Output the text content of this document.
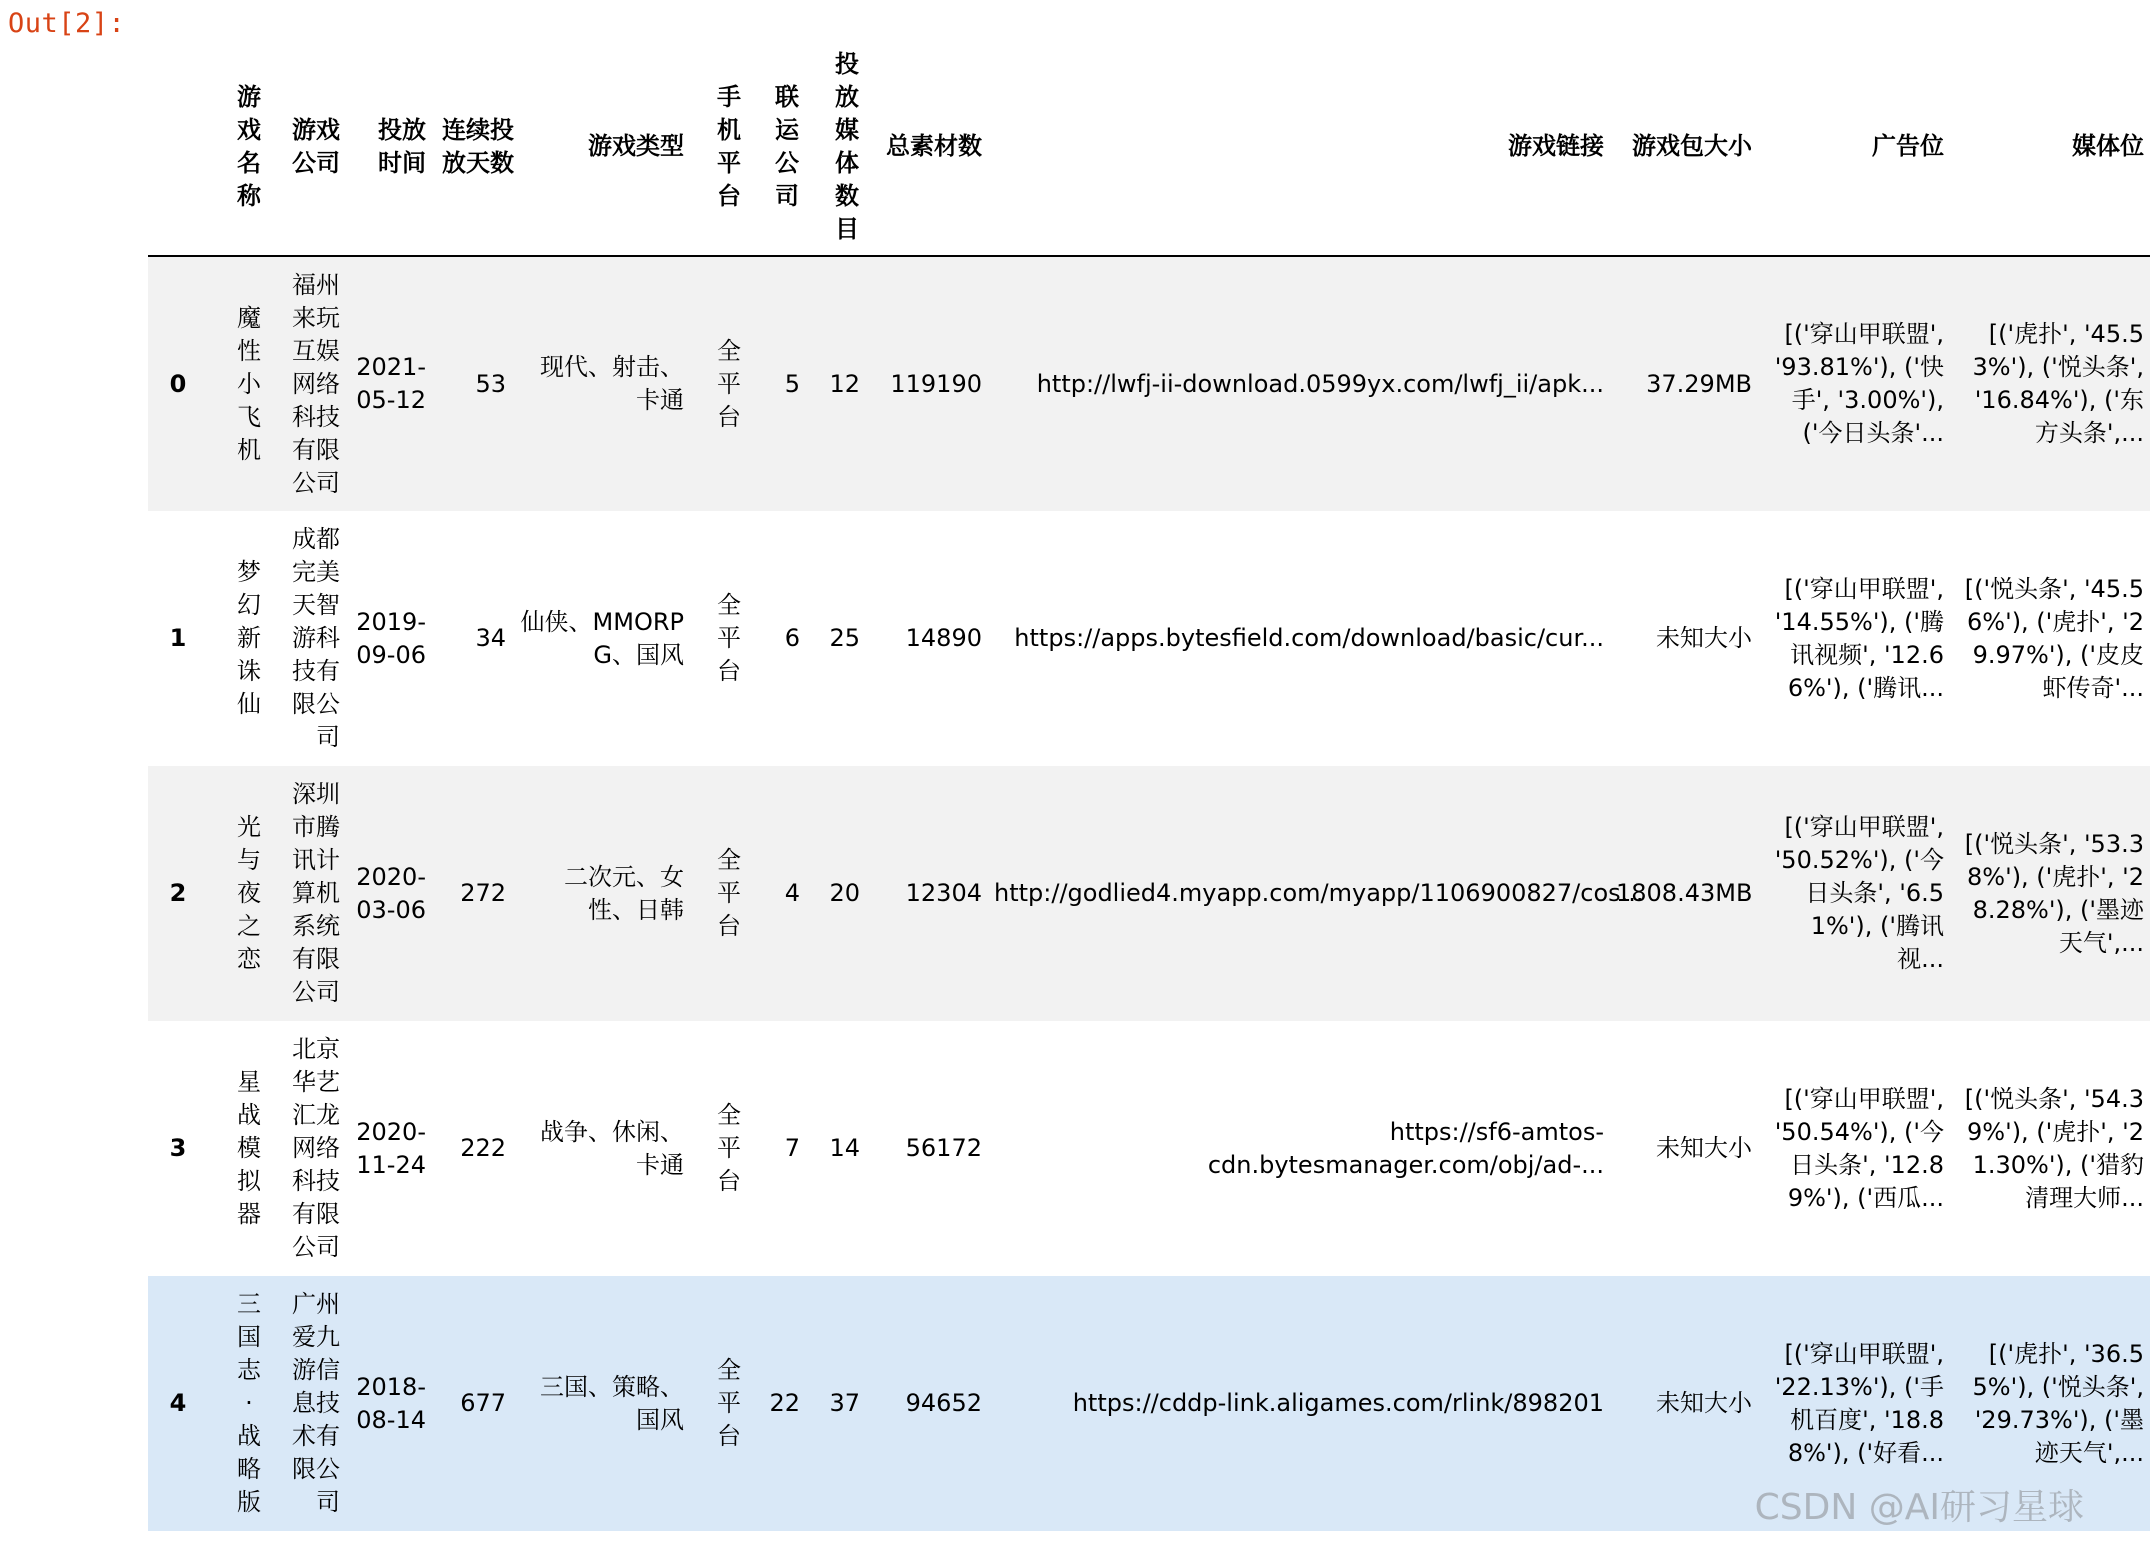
Out[2]:
	游戏名称	游戏公司	投放时间	连续投放天数	游戏类型	手机平台	联运公司	投放媒体数目	总素材数	游戏链接	游戏包大小	广告位	媒体位
0	魔性小飞机	福州来玩互娱网络科技有限公司	2021-05-12	53	现代、射击、卡通	全平台	5	12	119190	http://lwfj-ii-download.0599yx.com/lwfj_ii/apk...	37.29MB	[('穿山甲联盟', '93.81%'), ('快手', '3.00%'), ('今日头条'...	[('虎扑', '45.53%'), ('悦头条', '16.84%'), ('东方头条',...
1	梦幻新诛仙	成都完美天智游科技有限公司	2019-09-06	34	仙侠、MMORPG、国风	全平台	6	25	14890	https://apps.bytesfield.com/download/basic/cur...	未知大小	[('穿山甲联盟', '14.55%'), ('腾讯视频', '12.66%'), ('腾讯...	[('悦头条', '45.56%'), ('虎扑', '29.97%'), ('皮皮虾传奇'...
2	光与夜之恋	深圳市腾讯计算机系统有限公司	2020-03-06	272	二次元、女性、日韩	全平台	4	20	12304	http://godlied4.myapp.com/myapp/1106900827/cos...	1808.43MB	[('穿山甲联盟', '50.52%'), ('今日头条', '6.51%'), ('腾讯视...	[('悦头条', '53.38%'), ('虎扑', '28.28%'), ('墨迹天气',...
3	星战模拟器	北京华艺汇龙网络科技有限公司	2020-11-24	222	战争、休闲、卡通	全平台	7	14	56172	https://sf6-amtos-cdn.bytesmanager.com/obj/ad-...	未知大小	[('穿山甲联盟', '50.54%'), ('今日头条', '12.89%'), ('西瓜...	[('悦头条', '54.39%'), ('虎扑', '21.30%'), ('猎豹清理大师...
4	三国志·战略版	广州爱九游信息技术有限公司	2018-08-14	677	三国、策略、国风	全平台	22	37	94652	https://cddp-link.aligames.com/rlink/898201	未知大小	[('穿山甲联盟', '22.13%'), ('手机百度', '18.88%'), ('好看...	[('虎扑', '36.55%'), ('悦头条', '29.73%'), ('墨迹天气',...
CSDN @AI研习星球
